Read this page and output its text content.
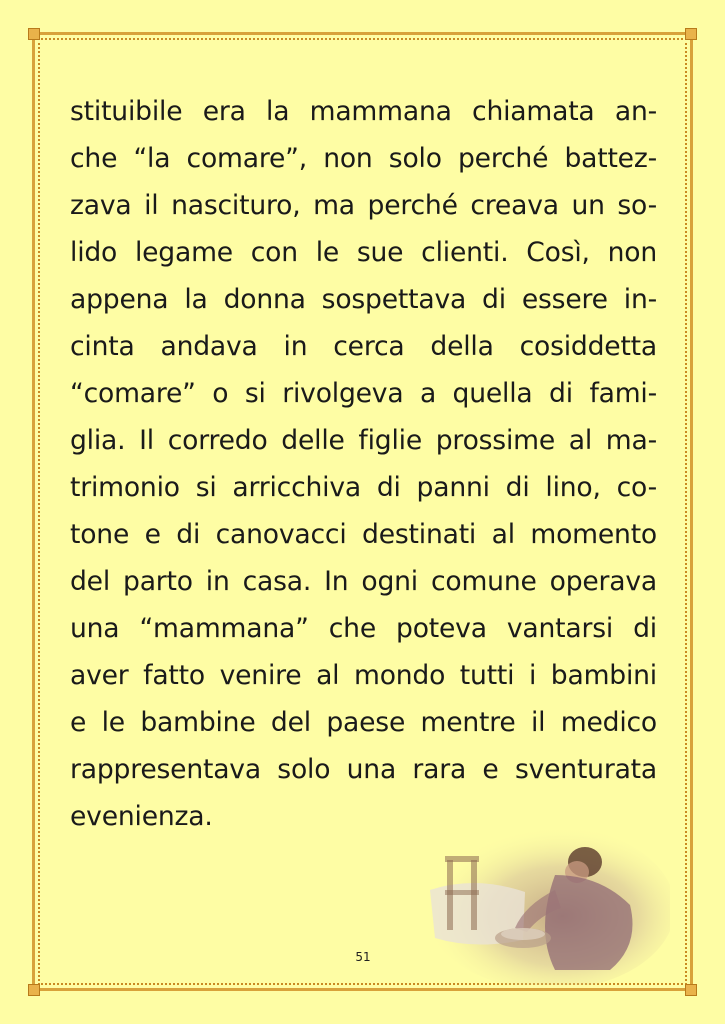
stituibile era la mammana chiamata an-
che “la comare”, non solo perché battez-
zava il nascituro, ma perché creava un so-
lido legame con le sue clienti. Così, non
appena la donna sospettava di essere in-
cinta andava in cerca della cosiddetta
“comare” o si rivolgeva a quella di fami-
glia. Il corredo delle figlie prossime al ma-
trimonio si arricchiva di panni di lino, co-
tone e di canovacci destinati al momento
del parto in casa. In ogni comune operava
una “mammana” che poteva vantarsi di
aver fatto venire al mondo tutti i bambini
e le bambine del paese mentre il medico
rappresentava solo una rara e sventurata
evenienza.
51
